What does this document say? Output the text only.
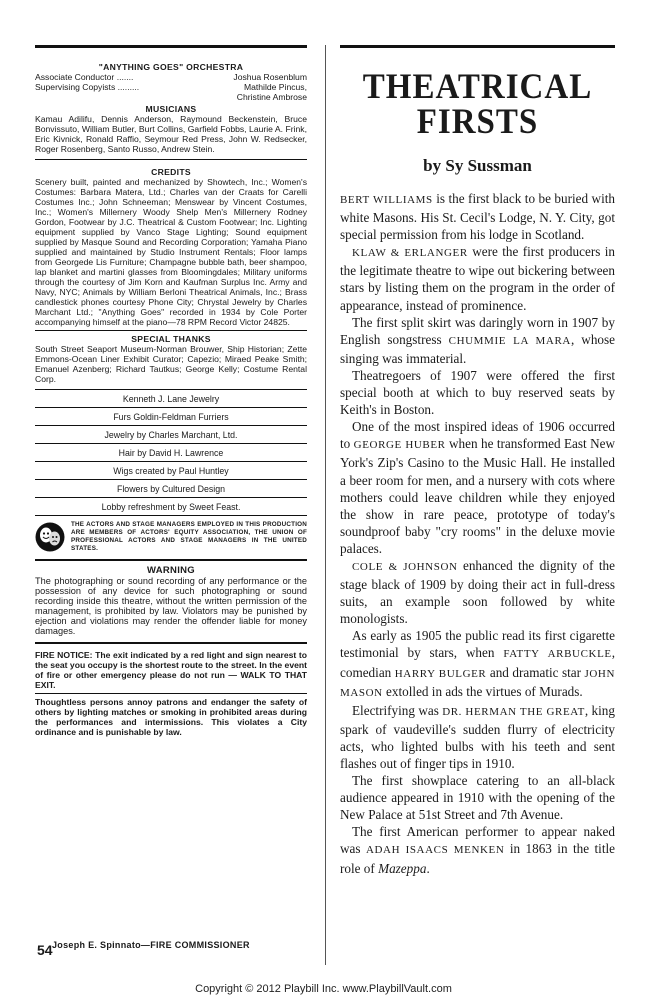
"ANYTHING GOES" ORCHESTRA

Associate Conductor .......	Joshua Rosenblum
Supervising Copyists .........	Mathilde Pincus,
Christine Ambrose

MUSICIANS

Kamau Adilifu, Dennis Anderson, Raymound Beckenstein, Bruce Bonvissuto, William Butler, Burt Collins, Garfield Fobbs, Laurie A. Frink, Eric Kivnick, Ronald Raffio, Seymour Red Press, John W. Redsecker, Roger Rosenberg, Santo Russo, Andrew Stein.

CREDITS

Scenery built, painted and mechanized by Showtech, Inc.; Women's Costumes: Barbara Matera, Ltd.; Charles van der Craats for Carelli Costumes Inc.; John Schneeman; Menswear by Vincent Costumes, Inc.; Women's Millernery Woody Shelp Men's Millernery Rodney Gordon, Footwear by J.C. Theatrical & Custom Footwear; Inc. Lighting equipment supplied by Vanco Stage Lighting; Sound equipment supplied by Masque Sound and Recording Corporation; Yamaha Piano supplied and maintained by Studio Instrument Rentals; Floor lamps from Georgede Lis Furniture; Champagne bubble bath, beer shampoo, lap blanket and martini glasses from Bloomingdales; Military uniforms through the courtesy of Jim Korn and Kaufman Surplus Inc. Army and Navy, NYC; Animals by William Berloni Theatrical Animals, Inc.; Brass candlestick phones courtesy Phone City; Chrystal Jewelry by Charles Marchant Ltd.; "Anything Goes" recorded in 1934 by Cole Porter accompanying himself at the piano—78 RPM Record Victor 24825.

SPECIAL THANKS

South Street Seaport Museum-Norman Brouwer, Ship Historian; Zette Emmons-Ocean Liner Exhibit Curator; Capezio; Miraed Peake Smith; Emanuel Azenberg; Richard Tautkus; George Kelly; Costume Rental Corp.

Kenneth J. Lane Jewelry
Furs Goldin-Feldman Furriers
Jewelry by Charles Marchant, Ltd.
Hair by David H. Lawrence
Wigs created by Paul Huntley
Flowers by Cultured Design
Lobby refreshment by Sweet Feast.
THE ACTORS AND STAGE MANAGERS EMPLOYED IN THIS PRODUCTION ARE MEMBERS OF ACTORS' EQUITY ASSOCIATION, THE UNION OF PROFESSIONAL ACTORS AND STAGE MANAGERS IN THE UNITED STATES.

WARNING

The photographing or sound recording of any performance or the possession of any device for such photographing or sound recording inside this theatre, without the written permission of the management, is prohibited by law. Violators may be punished by ejection and violations may render the offender liable for money damages.

FIRE NOTICE: The exit indicated by a red light and sign nearest to the seat you occupy is the shortest route to the street. In the event of fire or other emergency please do not run — WALK TO THAT EXIT.

Thoughtless persons annoy patrons and endanger the safety of others by lighting matches or smoking in prohibited areas during the performances and intermissions. This violates a City ordinance and is punishable by law.

54 Joseph E. Spinnato—FIRE COMMISSIONER

THEATRICAL

FIRSTS

by Sy Sussman

BERT WILLIAMS is the first black to be buried with white Masons. His St. Cecil's Lodge, N. Y. City, got special permission from his lodge in Scotland.

KLAW & ERLANGER were the first producers in the legitimate theatre to wipe out bickering between stars by listing them on the program in the order of appearance, instead of prominence.

The first split skirt was daringly worn in 1907 by English songstress CHUMMIE LA MARA, whose singing was immaterial.

Theatregoers of 1907 were offered the first special booth at which to buy reserved seats by Keith's in Boston.

One of the most inspired ideas of 1906 occurred to GEORGE HUBER when he transformed East New York's Zip's Casino to the Music Hall. He installed a beer room for men, and a nursery with cots where mothers could leave children while they enjoyed the show in rare peace, prototype of today's soundproof baby "cry rooms" in the deluxe movie palaces.

COLE & JOHNSON enhanced the dignity of the stage black of 1909 by doing their act in full-dress suits, an example soon followed by white monologists.

As early as 1905 the public read its first cigarette testimonial by stars, when FATTY ARBUCKLE, comedian HARRY BULGER and dramatic star JOHN MASON extolled in ads the virtues of Murads.

Electrifying was DR. HERMAN THE GREAT, king spark of vaudeville's sudden flurry of electricity acts, who lighted bulbs with his teeth and sent flashes out of finger tips in 1910.

The first showplace catering to an all-black audience appeared in 1910 with the opening of the New Palace at 51st Street and 7th Avenue.

The first American performer to appear naked was ADAH ISAACS MENKEN in 1863 in the title role of Mazeppa.

Copyright © 2012 Playbill Inc. www.PlaybillVault.com
